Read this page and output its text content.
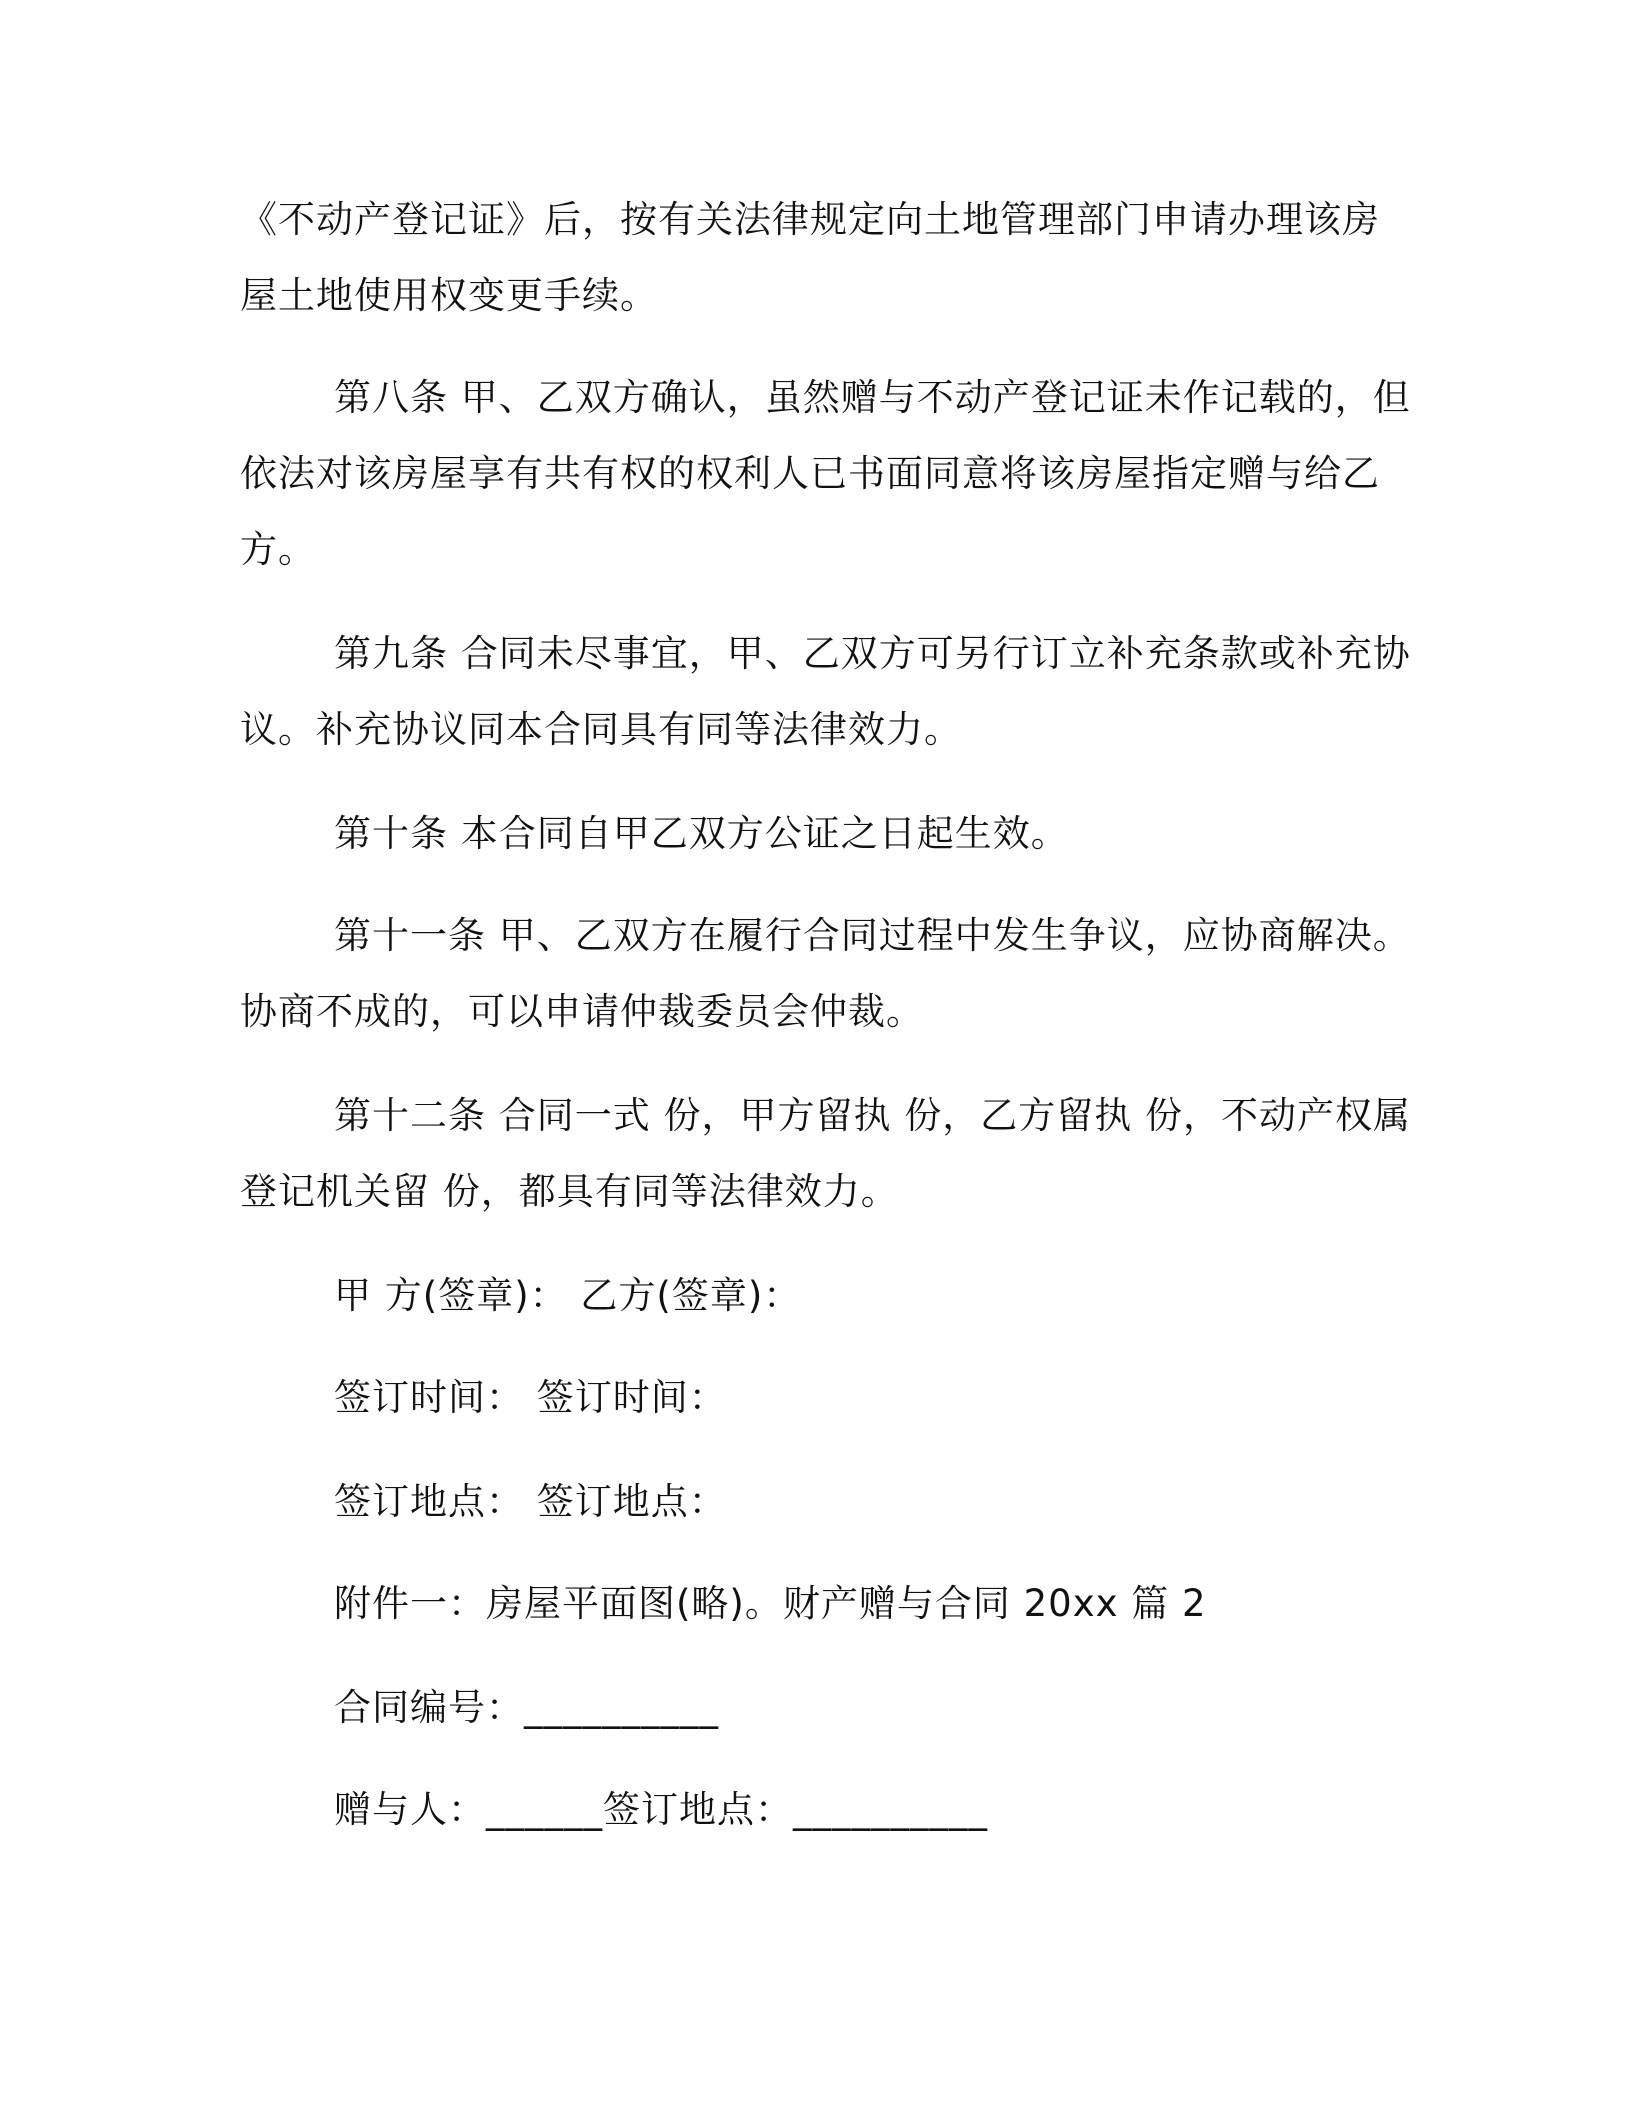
《不动产登记证》后，按有关法律规定向土地管理部门申请办理该房
屋土地使用权变更手续。
第八条 甲、乙双方确认，虽然赠与不动产登记证未作记载的，但
依法对该房屋享有共有权的权利人已书面同意将该房屋指定赠与给乙
方。
第九条 合同未尽事宜，甲、乙双方可另行订立补充条款或补充协
议。补充协议同本合同具有同等法律效力。
第十条 本合同自甲乙双方公证之日起生效。
第十一条 甲、乙双方在履行合同过程中发生争议，应协商解决。
协商不成的，可以申请仲裁委员会仲裁。
第十二条 合同一式 份，甲方留执 份，乙方留执 份，不动产权属
登记机关留 份，都具有同等法律效力。
甲 方(签章)： 乙方(签章)：
签订时间： 签订时间：
签订地点： 签订地点：
附件一：房屋平面图(略)。财产赠与合同 20xx 篇 2
合同编号：__________
赠与人：______签订地点：__________
